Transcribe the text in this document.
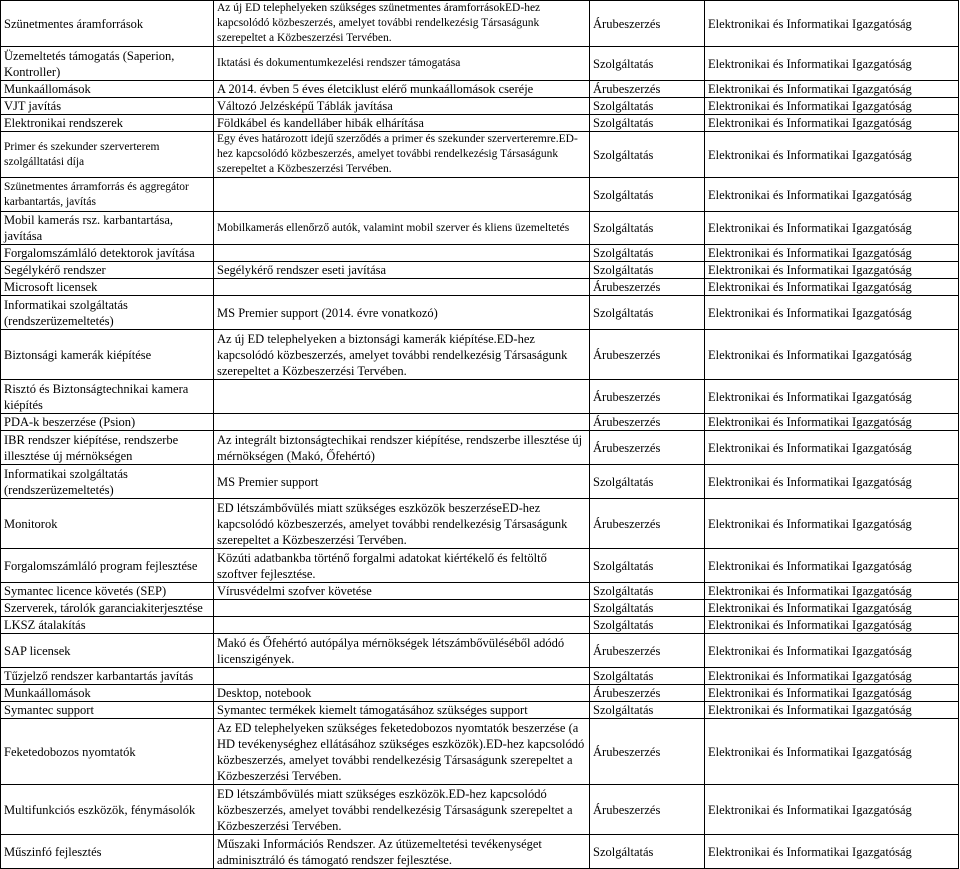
Szünetmentes áramforrások	Az új ED telephelyeken szükséges szünetmentes áramforrásokED-hez kapcsolódó közbeszerzés, amelyet további rendelkezésig Társaságunk szerepeltet a Közbeszerzési Tervében.	Árubeszerzés	Elektronikai és Informatikai Igazgatóság
Üzemeltetés támogatás (Saperion, Kontroller)	Iktatási és dokumentumkezelési rendszer támogatása	Szolgáltatás	Elektronikai és Informatikai Igazgatóság
Munkaállomások	A 2014. évben 5 éves életciklust elérő munkaállomások cseréje	Árubeszerzés	Elektronikai és Informatikai Igazgatóság
VJT javítás	Változó Jelzésképű Táblák javítása	Szolgáltatás	Elektronikai és Informatikai Igazgatóság
Elektronikai rendszerek	Földkábel és kandelláber hibák elhárítása	Szolgáltatás	Elektronikai és Informatikai Igazgatóság
Primer és szekunder szerverterem szolgálltatási díja	Egy éves határozott idejű szerződés a primer és szekunder szerverteremre.ED-hez kapcsolódó közbeszerzés, amelyet további rendelkezésig Társaságunk szerepeltet a Közbeszerzési Tervében.	Szolgáltatás	Elektronikai és Informatikai Igazgatóság
Szünetmentes árramforrás és aggregátor karbantartás, javítás		Szolgáltatás	Elektronikai és Informatikai Igazgatóság
Mobil kamerás rsz. karbantartása, javítása	Mobilkamerás ellenőrző autók, valamint mobil szerver és kliens üzemeltetés	Szolgáltatás	Elektronikai és Informatikai Igazgatóság
Forgalomszámláló detektorok javítása		Szolgáltatás	Elektronikai és Informatikai Igazgatóság
Segélykérő rendszer	Segélykérő rendszer eseti javítása	Szolgáltatás	Elektronikai és Informatikai Igazgatóság
Microsoft licensek		Árubeszerzés	Elektronikai és Informatikai Igazgatóság
Informatikai szolgáltatás (rendszerüzemeltetés)	MS Premier support (2014. évre vonatkozó)	Szolgáltatás	Elektronikai és Informatikai Igazgatóság
Biztonsági kamerák kiépítése	Az új ED telephelyeken a biztonsági kamerák kiépítése.ED-hez kapcsolódó közbeszerzés, amelyet további rendelkezésig Társaságunk szerepeltet a Közbeszerzési Tervében.	Árubeszerzés	Elektronikai és Informatikai Igazgatóság
Risztó és Biztonságtechnikai kamera kiépítés		Árubeszerzés	Elektronikai és Informatikai Igazgatóság
PDA-k beszerzése (Psion)		Árubeszerzés	Elektronikai és Informatikai Igazgatóság
IBR rendszer kiépítése, rendszerbe illesztése új mérnökségen	Az integrált biztonságtechikai rendszer kiépítése, rendszerbe illesztése új mérnökségen (Makó, Őfehértó)	Árubeszerzés	Elektronikai és Informatikai Igazgatóság
Informatikai szolgáltatás (rendszerüzemeltetés)	MS Premier support	Szolgáltatás	Elektronikai és Informatikai Igazgatóság
Monitorok	ED létszámbővülés miatt szükséges eszközök beszerzéseED-hez kapcsolódó közbeszerzés, amelyet további rendelkezésig Társaságunk szerepeltet a Közbeszerzési Tervében.	Árubeszerzés	Elektronikai és Informatikai Igazgatóság
Forgalomszámláló program fejlesztése	Közúti adatbankba történő forgalmi adatokat kiértékelő és feltöltő szoftver fejlesztése.	Szolgáltatás	Elektronikai és Informatikai Igazgatóság
Symantec licence követés (SEP)	Vírusvédelmi szofver követése	Szolgáltatás	Elektronikai és Informatikai Igazgatóság
Szerverek, tárolók garanciakiterjesztése		Szolgáltatás	Elektronikai és Informatikai Igazgatóság
LKSZ átalakítás		Szolgáltatás	Elektronikai és Informatikai Igazgatóság
SAP licensek	Makó és Őfehértó autópálya mérnökségek létszámbővüléséből adódó licenszigények.	Árubeszerzés	Elektronikai és Informatikai Igazgatóság
Tűzjelző rendszer karbantartás javítás		Szolgáltatás	Elektronikai és Informatikai Igazgatóság
Munkaállomások	Desktop, notebook	Árubeszerzés	Elektronikai és Informatikai Igazgatóság
Symantec support	Symantec termékek kiemelt támogatásához szükséges support	Szolgáltatás	Elektronikai és Informatikai Igazgatóság
Feketedobozos nyomtatók	Az ED telephelyeken szükséges feketedobozos nyomtatók beszerzése (a HD tevékenységhez ellátásához szükséges eszközök).ED-hez kapcsolódó közbeszerzés, amelyet további rendelkezésig Társaságunk szerepeltet a Közbeszerzési Tervében.	Árubeszerzés	Elektronikai és Informatikai Igazgatóság
Multifunkciós eszközök, fénymásolók	ED létszámbővülés miatt szükséges eszközök.ED-hez kapcsolódó közbeszerzés, amelyet további rendelkezésig Társaságunk szerepeltet a Közbeszerzési Tervében.	Árubeszerzés	Elektronikai és Informatikai Igazgatóság
Műszinfó fejlesztés	Műszaki Információs Rendszer. Az útüzemeltetési tevékenységet adminisztráló és támogató rendszer fejlesztése.	Szolgáltatás	Elektronikai és Informatikai Igazgatóság
